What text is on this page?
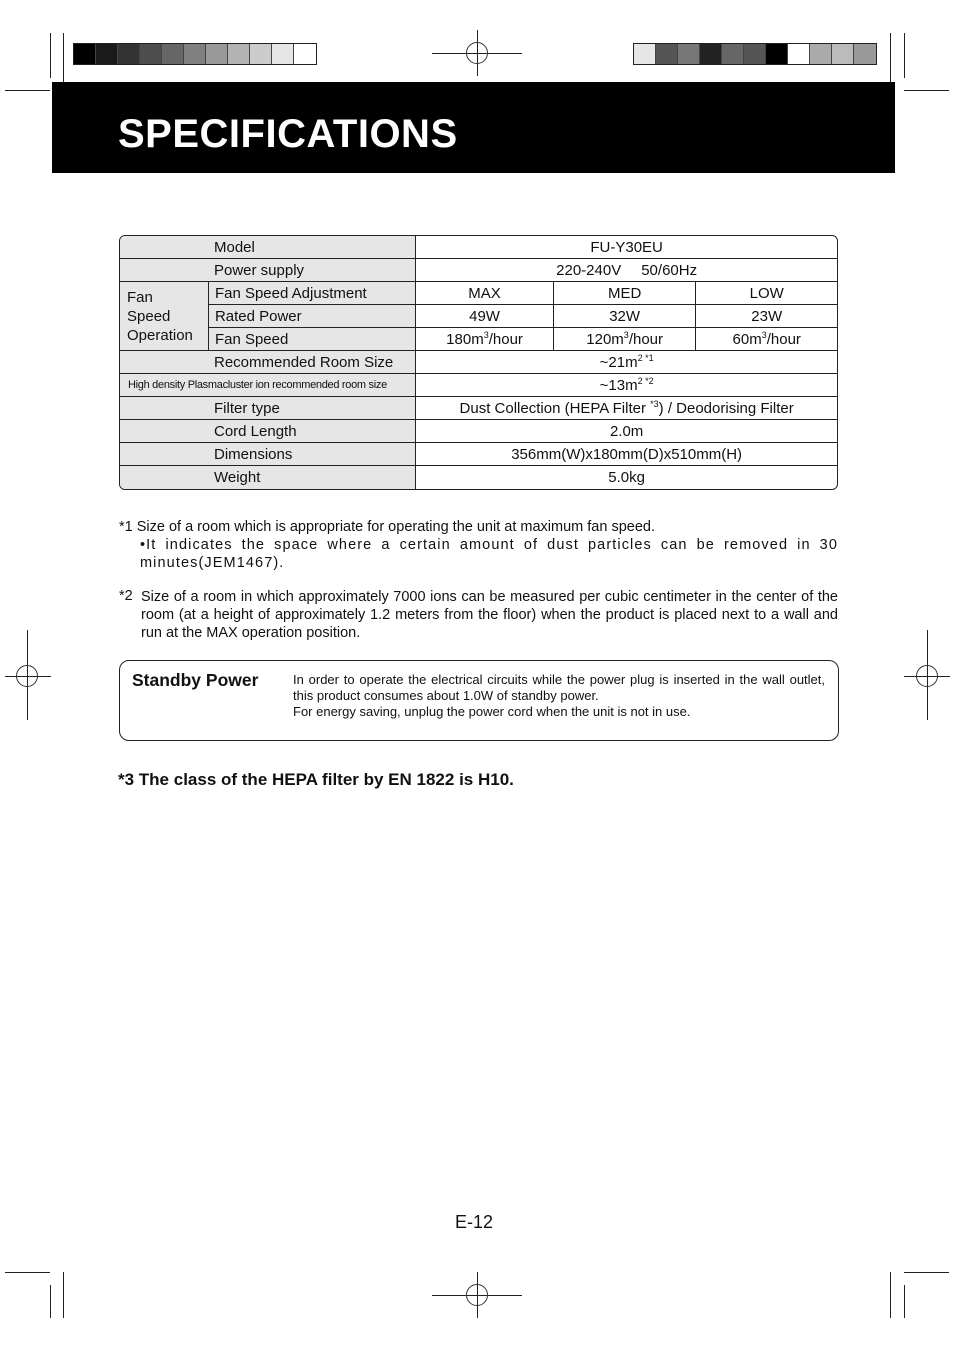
SPECIFICATIONS
Model		FU-Y30EU		
Power supply		220-240V 50/60Hz		

Fan
Speed
Operation	Fan Speed Adjustment	MAX	MED	LOW
	Rated Power	49W	32W	23W
	Fan Speed	$180m^3$/hour	$120m^3$/hour	$60m^3$/hour
Recommended Room Size		$\sim 21m^{2 *1}$
High density Plasmacluster ion recommended room size		$\sim 13m^{2 *2}$
Filter type		Dust Collection (HEPA Filter $^{*3}$) / Deodorising Filter		
Cord Length		2.0m		
Dimensions		356mm(W)x180mm(D)x510mm(H)		
Weight		5.0kg		
*1 Size of a room which is appropriate for operating the unit at maximum fan speed.
•It indicates the space where a certain amount of dust particles can be removed in 30 minutes(JEM1467).
*2 Size of a room in which approximately 7000 ions can be measured per cubic centimeter in the center of the room (at a height of approximately 1.2 meters from the floor) when the product is placed next to a wall and run at the MAX operation position.
Standby Power	In order to operate the electrical circuits while the power plug is inserted in the wall outlet, this product consumes about 1.0W of standby power.
For energy saving, unplug the power cord when the unit is not in use.
*3 The class of the HEPA filter by EN 1822 is H10.
E-12
